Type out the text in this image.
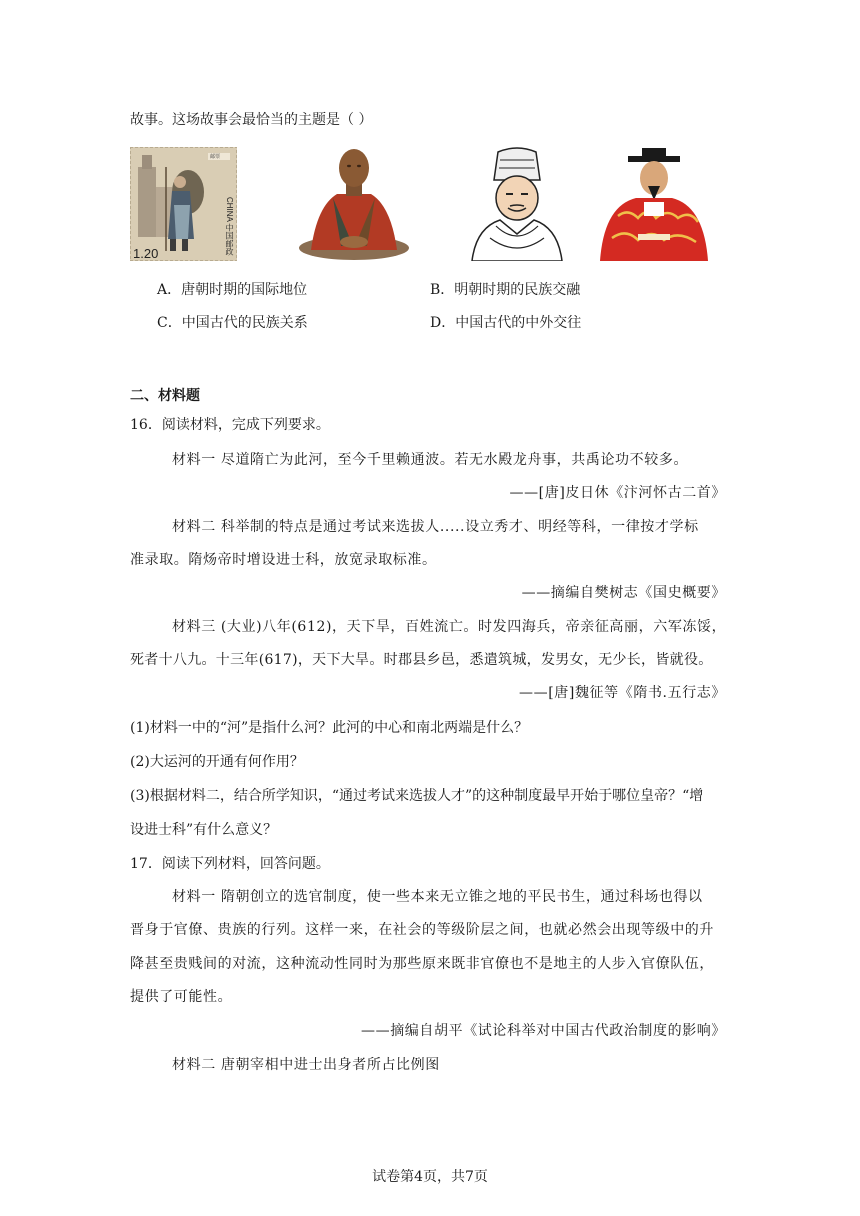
故事。这场故事会最恰当的主题是（ ）
1.20	CHINA 中国邮政
邮票
A．唐朝时期的国际地位	B．明朝时期的民族交融
C．中国古代的民族关系	D．中国古代的中外交往
二、材料题
16．阅读材料，完成下列要求。
材料一 尽道隋亡为此河，至今千里赖通波。若无水殿龙舟事，共禹论功不较多。
——[唐]皮日休《汴河怀古二首》
材料二 科举制的特点是通过考试来选拔人.....设立秀才、明经等科，一律按才学标
准录取。隋炀帝时增设进士科，放宽录取标准。
——摘编自樊树志《国史概要》
材料三 (大业)八年(612)，天下旱，百姓流亡。时发四海兵，帝亲征高丽，六军冻馁，
死者十八九。十三年(617)，天下大旱。时郡县乡邑，悉遣筑城，发男女，无少长，皆就役。
——[唐]魏征等《隋书.五行志》
(1)材料一中的“河”是指什么河？此河的中心和南北两端是什么？
(2)大运河的开通有何作用？
(3)根据材料二，结合所学知识，“通过考试来选拔人才”的这种制度最早开始于哪位皇帝？“增
设进士科”有什么意义？
17．阅读下列材料，回答问题。
材料一 隋朝创立的选官制度，使一些本来无立锥之地的平民书生，通过科场也得以
晋身于官僚、贵族的行列。这样一来，在社会的等级阶层之间，也就必然会出现等级中的升
降甚至贵贱间的对流，这种流动性同时为那些原来既非官僚也不是地主的人步入官僚队伍，
提供了可能性。
——摘编自胡平《试论科举对中国古代政治制度的影响》
材料二 唐朝宰相中进士出身者所占比例图
试卷第4页，共7页
